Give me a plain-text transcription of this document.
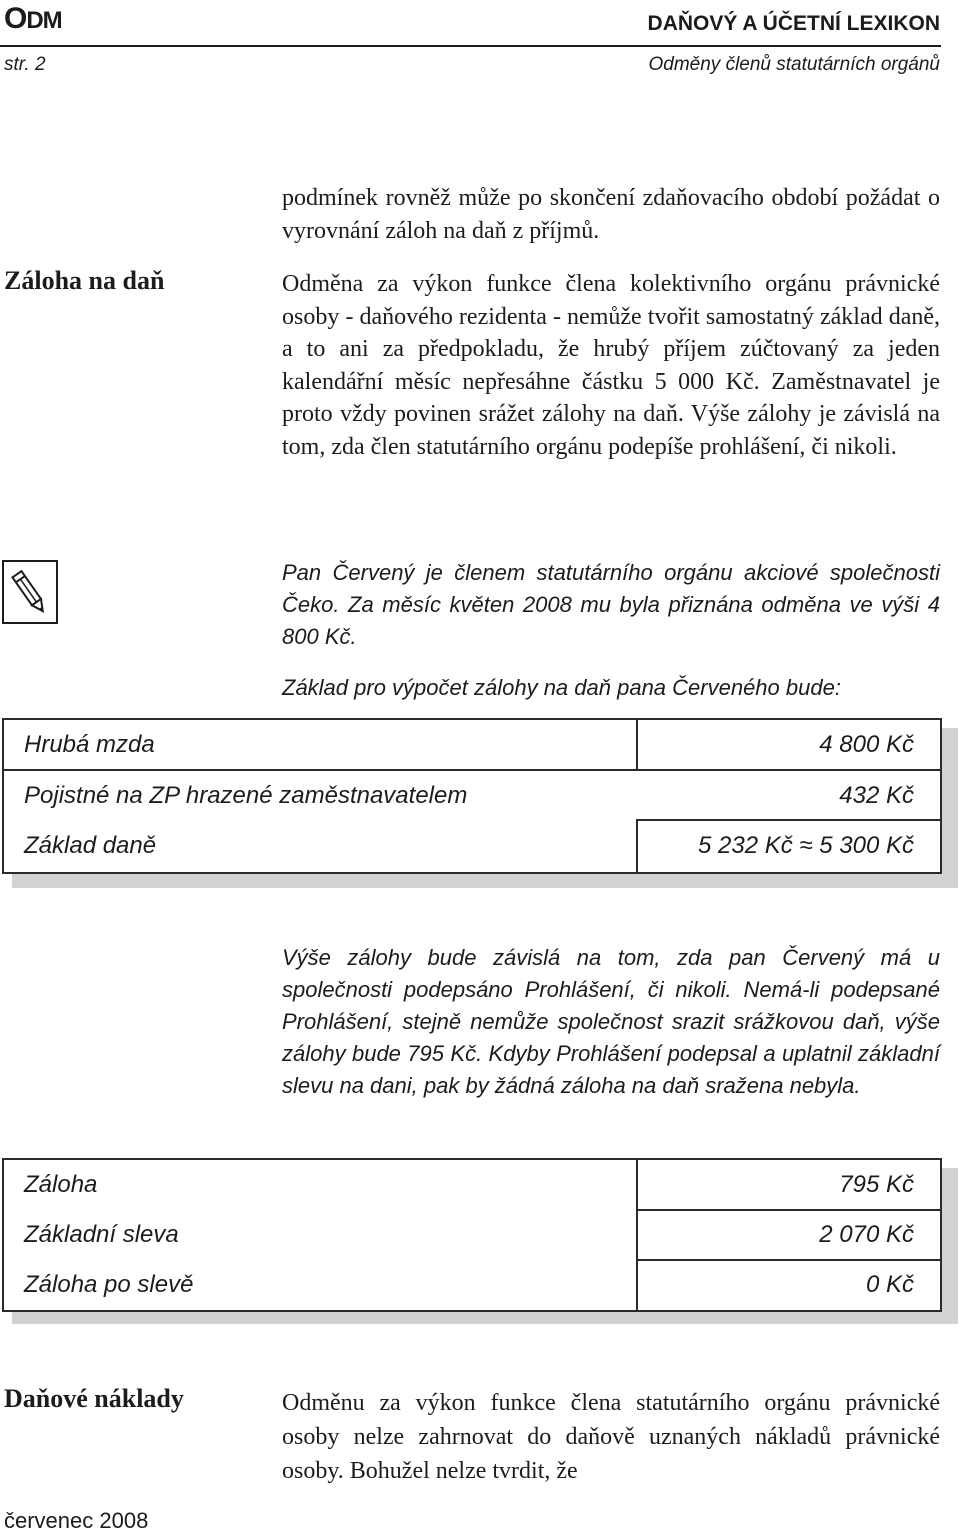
ODM	DAŇOVÝ A ÚČETNÍ LEXIKON
str. 2	Odměny členů statutárních orgánů
podmínek rovněž může po skončení zdaňovacího období požádat o vyrovnání záloh na daň z příjmů.
Záloha na daň	Odměna za výkon funkce člena kolektivního orgánu právnické osoby - daňového rezidenta - nemůže tvořit samostatný základ daně, a to ani za předpokladu, že hrubý příjem zúčtovaný za jeden kalendářní měsíc nepřesáhne částku 5 000 Kč. Zaměstnavatel je proto vždy povinen srážet zálohy na daň. Výše zálohy je závislá na tom, zda člen statutárního orgánu podepíše prohlášení, či nikoli.
Pan Červený je členem statutárního orgánu akciové společnosti Čeko. Za měsíc květen 2008 mu byla přiznána odměna ve výši 4 800 Kč.
Základ pro výpočet zálohy na daň pana Červeného bude:
Hrubá mzda	4 800 Kč
Pojistné na ZP hrazené zaměstnavatelem	432 Kč
Základ daně	5 232 Kč ≈ 5 300 Kč
Výše zálohy bude závislá na tom, zda pan Červený má u společnosti podepsáno Prohlášení, či nikoli. Nemá-li podepsané Prohlášení, stejně nemůže společnost srazit srážkovou daň, výše zálohy bude 795 Kč. Kdyby Prohlášení podepsal a uplatnil základní slevu na dani, pak by žádná záloha na daň sražena nebyla.
Záloha	795 Kč
Základní sleva	2 070 Kč
Záloha po slevě	0 Kč
Daňové náklady	Odměnu za výkon funkce člena statutárního orgánu právnické osoby nelze zahrnovat do daňově uznaných nákladů právnické osoby. Bohužel nelze tvrdit, že
červenec 2008
